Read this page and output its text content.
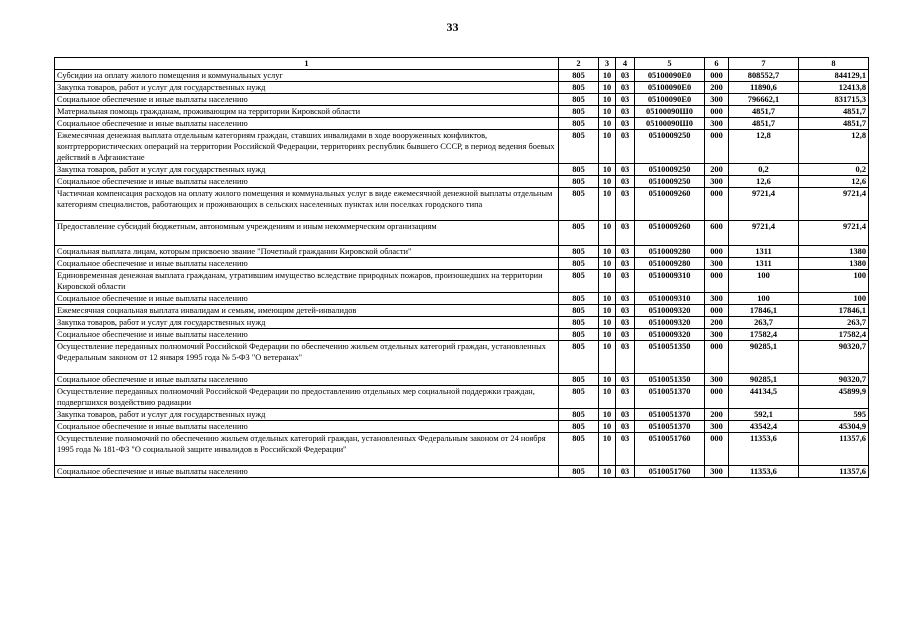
33
1	2	3	4	5	6	7	8
Субсидии на оплату жилого помещения и коммунальных услуг	805	10	03	05100090Е0	000	808552,7	844129,1
Закупка товаров, работ и услуг для государственных нужд	805	10	03	05100090Е0	200	11890,6	12413,8
Социальное обеспечение и иные выплаты населению	805	10	03	05100090Е0	300	796662,1	831715,3
Материальная помощь гражданам, проживающим на территории Кировской области	805	10	03	05100090Ш0	000	4851,7	4851,7
Социальное обеспечение и иные выплаты населению	805	10	03	05100090Ш0	300	4851,7	4851,7
Ежемесячная денежная выплата отдельным категориям граждан, ставших инвалидами в ходе вооруженных конфликтов, контртеррористических операций на территории Российской Федерации, территориях республик бывшего СССР, в период ведения боевых действий в Афганистане	805	10	03	0510009250	000	12,8	12,8
Закупка товаров, работ и услуг для государственных нужд	805	10	03	0510009250	200	0,2	0,2
Социальное обеспечение и иные выплаты населению	805	10	03	0510009250	300	12,6	12,6
Частичная компенсация расходов на оплату жилого помещения и коммунальных услуг в виде ежемесячной денежной выплаты отдельным категориям специалистов, работающих и проживающих в сельских населенных пунктах или поселках городского типа	805	10	03	0510009260	000	9721,4	9721,4
Предоставление субсидий бюджетным, автономным учреждениям и иным некоммерческим организациям	805	10	03	0510009260	600	9721,4	9721,4
Социальная выплата лицам, которым присвоено звание "Почетный гражданин Кировской области"	805	10	03	0510009280	000	1311	1380
Социальное обеспечение и иные выплаты населению	805	10	03	0510009280	300	1311	1380
Единовременная денежная выплата гражданам, утратившим имущество вследствие природных пожаров, произошедших на территории Кировской области	805	10	03	0510009310	000	100	100
Социальное обеспечение и иные выплаты населению	805	10	03	0510009310	300	100	100
Ежемесячная социальная выплата инвалидам и семьям, имеющим детей-инвалидов	805	10	03	0510009320	000	17846,1	17846,1
Закупка товаров, работ и услуг для государственных нужд	805	10	03	0510009320	200	263,7	263,7
Социальное обеспечение и иные выплаты населению	805	10	03	0510009320	300	17582,4	17582,4
Осуществление переданных полномочий Российской Федерации по обеспечению жильем отдельных категорий граждан, установленных Федеральным законом от 12 января 1995 года № 5-ФЗ "О ветеранах"	805	10	03	0510051350	000	90285,1	90320,7
Социальное обеспечение и иные выплаты населению	805	10	03	0510051350	300	90285,1	90320,7
Осуществление переданных полномочий Российской Федерации по предоставлению отдельных мер социальной поддержки граждан, подвергшихся воздействию радиации	805	10	03	0510051370	000	44134,5	45899,9
Закупка товаров, работ и услуг для государственных нужд	805	10	03	0510051370	200	592,1	595
Социальное обеспечение и иные выплаты населению	805	10	03	0510051370	300	43542,4	45304,9
Осуществление полномочий по обеспечению жильем отдельных категорий граждан, установленных Федеральным законом от 24 ноября 1995 года № 181-ФЗ "О социальной защите инвалидов в Российской Федерации"	805	10	03	0510051760	000	11353,6	11357,6
Социальное обеспечение и иные выплаты населению	805	10	03	0510051760	300	11353,6	11357,6
